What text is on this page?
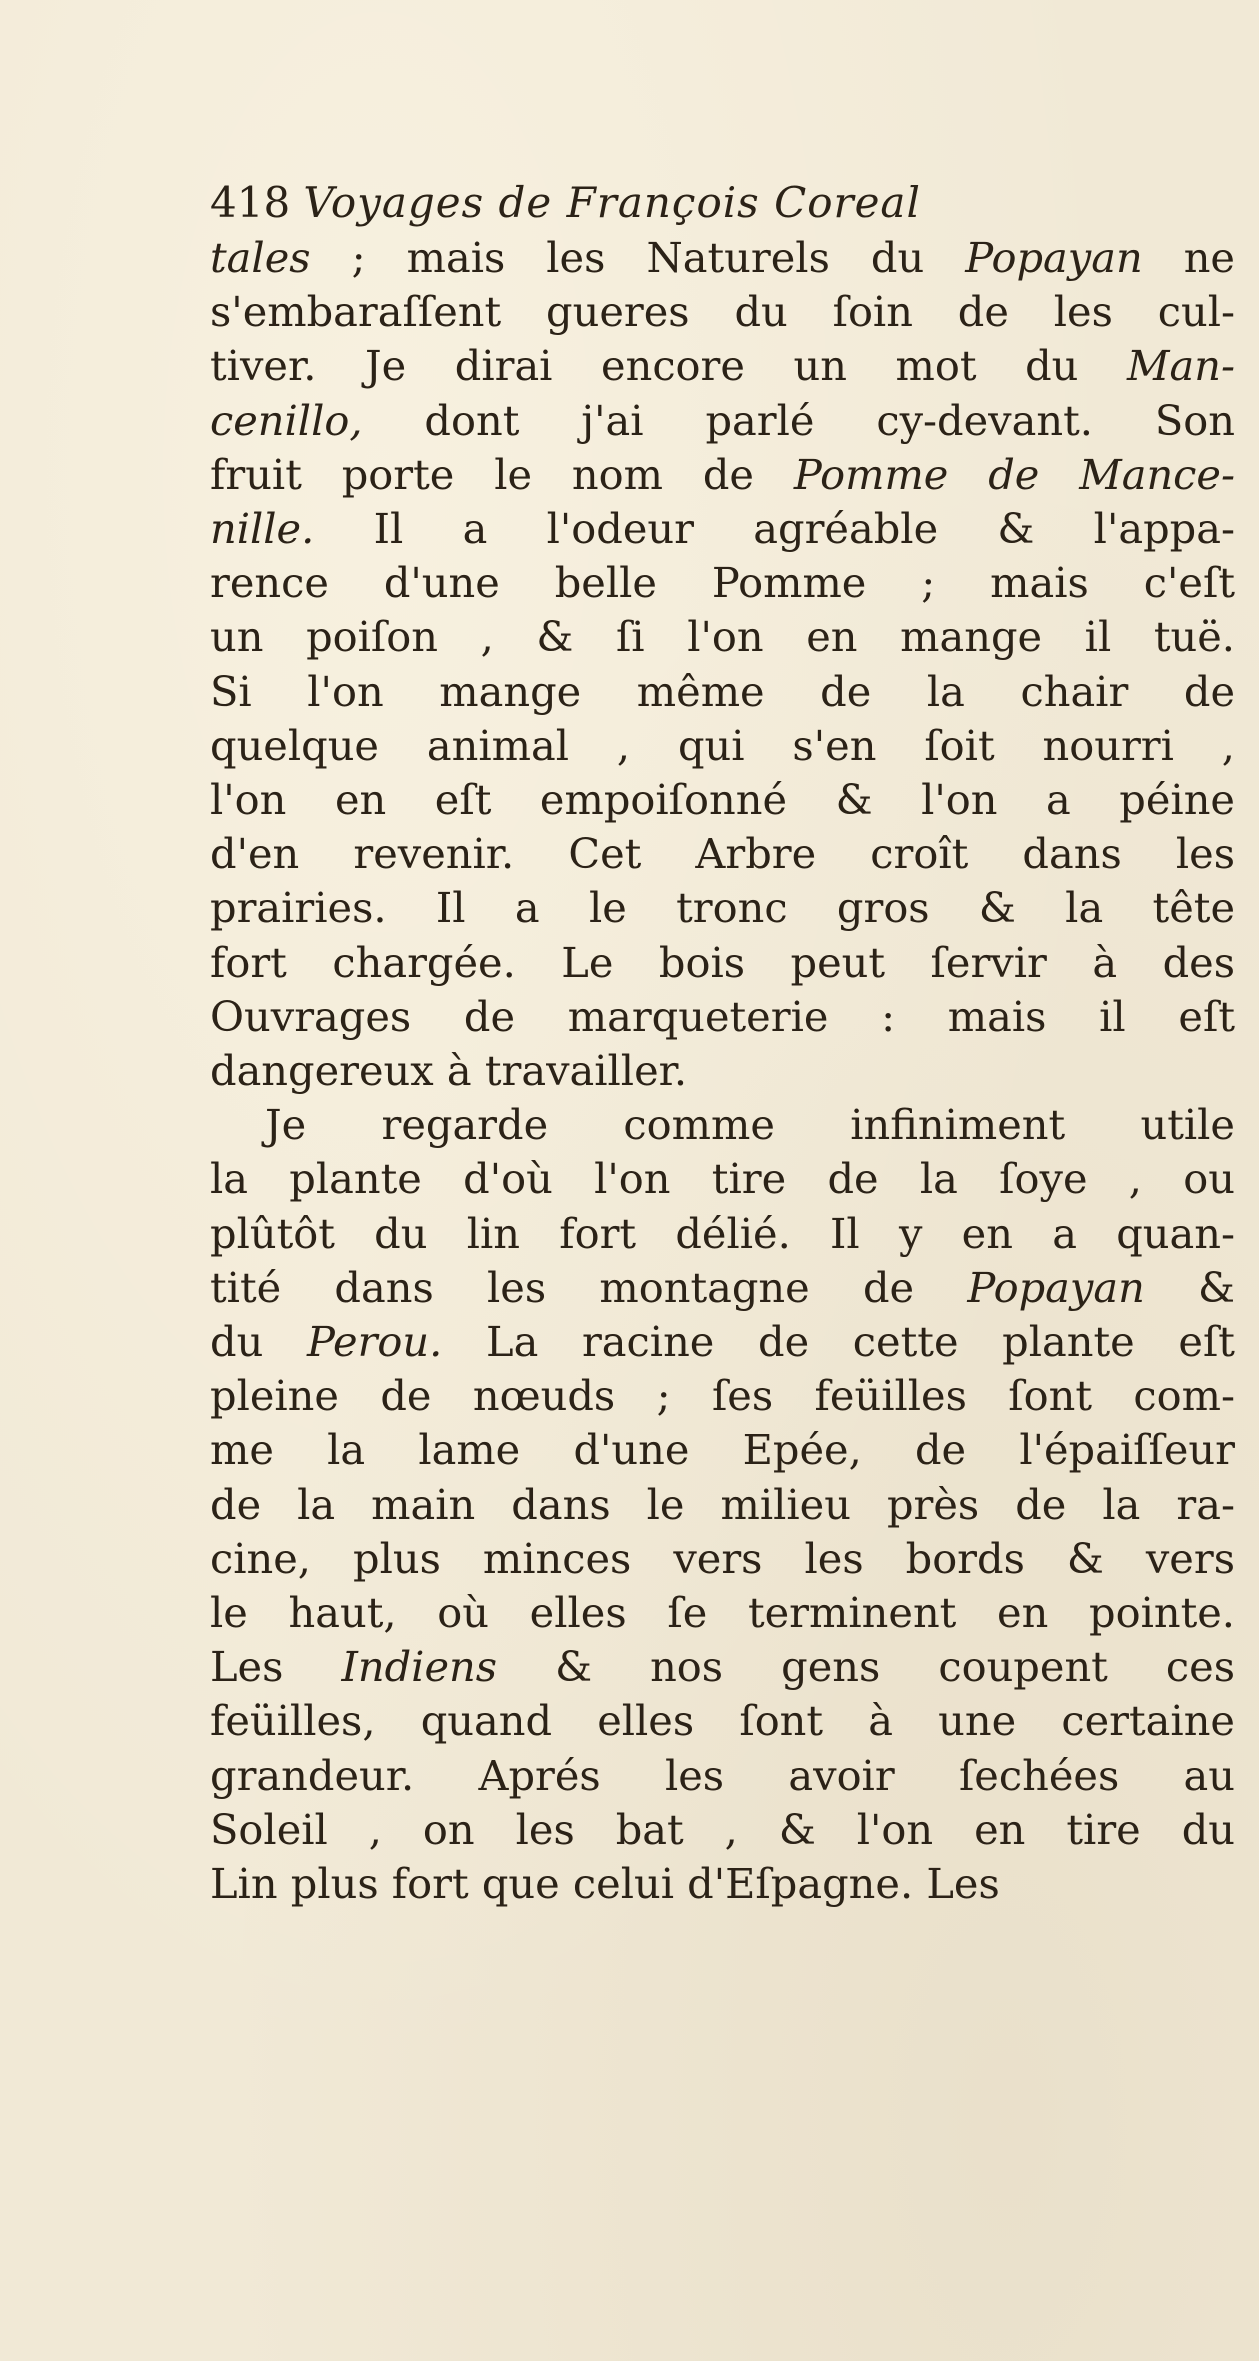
418 Voyages de François Coreal
tales ; mais les Naturels du Popayan ne
s'embaraſſent gueres du ſoin de les cul-
tiver. Je dirai encore un mot du Man-
cenillo, dont j'ai parlé cy-devant. Son
fruit porte le nom de Pomme de Mance-
nille. Il a l'odeur agréable & l'appa-
rence d'une belle Pomme ; mais c'eſt
un poiſon , & ſi l'on en mange il tuë.
Si l'on mange même de la chair de
quelque animal , qui s'en ſoit nourri ,
l'on en eſt empoiſonné & l'on a péine
d'en revenir. Cet Arbre croît dans les
prairies. Il a le tronc gros & la tête
fort chargée. Le bois peut ſervir à des
Ouvrages de marqueterie : mais il eſt
dangereux à travailler.
Je regarde comme infiniment utile
la plante d'où l'on tire de la ſoye , ou
plûtôt du lin fort délié. Il y en a quan-
tité dans les montagne de Popayan &
du Perou. La racine de cette plante eſt
pleine de nœuds ; ſes feüilles ſont com-
me la lame d'une Epée, de l'épaiſſeur
de la main dans le milieu près de la ra-
cine, plus minces vers les bords & vers
le haut, où elles ſe terminent en pointe.
Les Indiens & nos gens coupent ces
feüilles, quand elles ſont à une certaine
grandeur. Aprés les avoir ſechées au
Soleil , on les bat , & l'on en tire du
Lin plus fort que celui d'Eſpagne. Les
